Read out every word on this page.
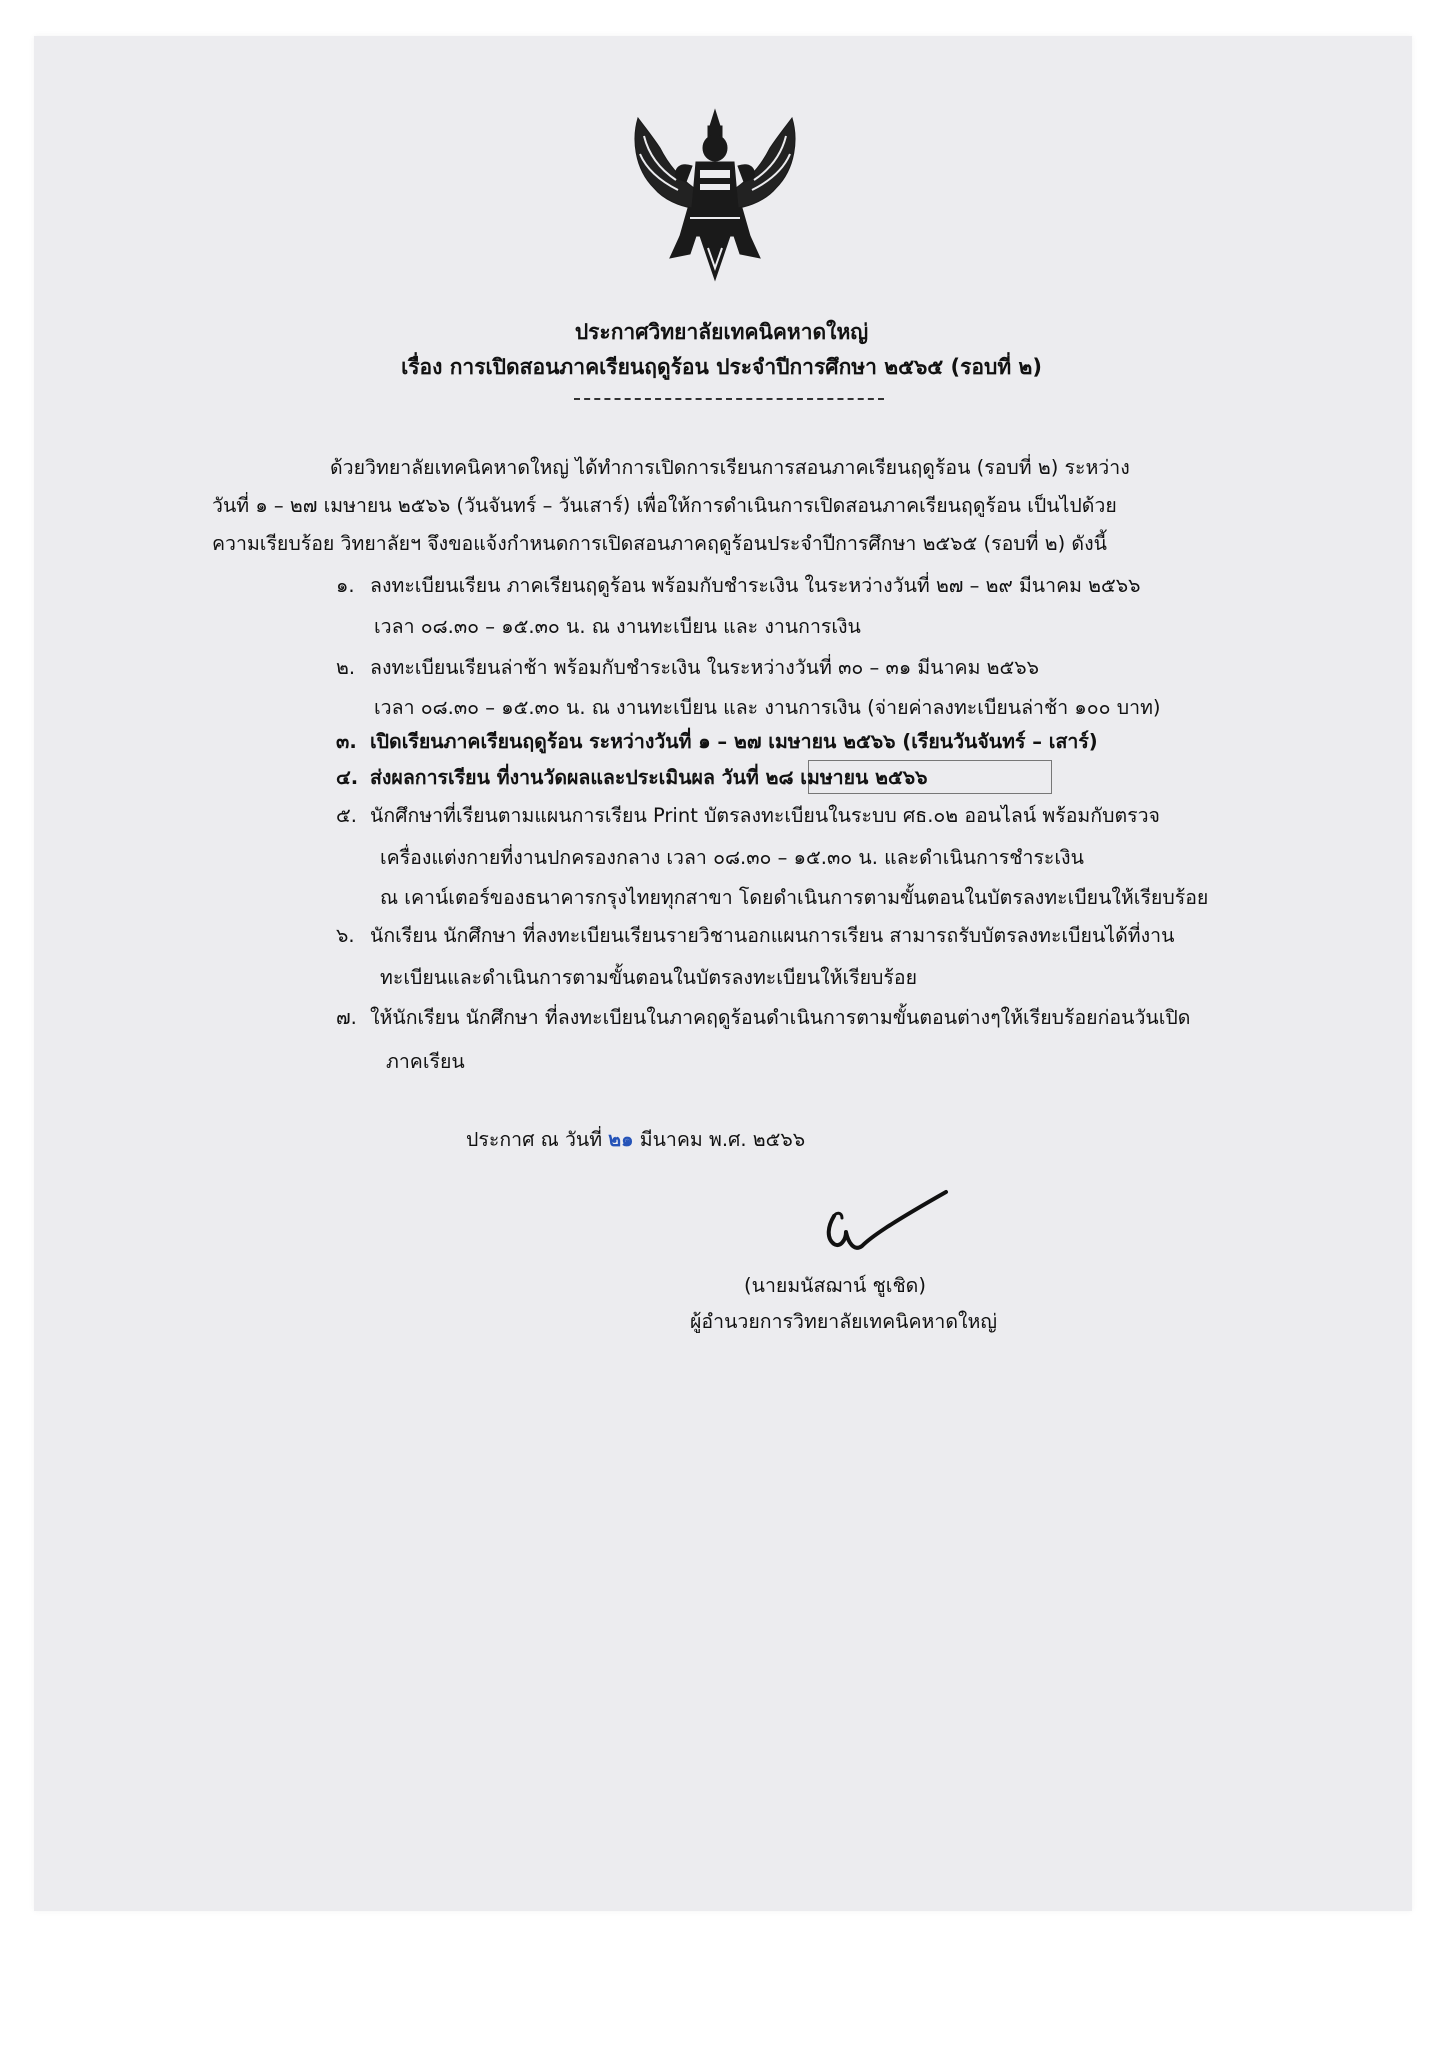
ประกาศวิทยาลัยเทคนิคหาดใหญ่
เรื่อง การเปิดสอนภาคเรียนฤดูร้อน ประจำปีการศึกษา ๒๕๖๕ (รอบที่ ๒)
ด้วยวิทยาลัยเทคนิคหาดใหญ่ ได้ทำการเปิดการเรียนการสอนภาคเรียนฤดูร้อน (รอบที่ ๒) ระหว่าง
วันที่ ๑ – ๒๗ เมษายน ๒๕๖๖ (วันจันทร์ – วันเสาร์) เพื่อให้การดำเนินการเปิดสอนภาคเรียนฤดูร้อน เป็นไปด้วย
ความเรียบร้อย วิทยาลัยฯ จึงขอแจ้งกำหนดการเปิดสอนภาคฤดูร้อนประจำปีการศึกษา ๒๕๖๕ (รอบที่ ๒) ดังนี้
๑. ลงทะเบียนเรียน ภาคเรียนฤดูร้อน พร้อมกับชำระเงิน ในระหว่างวันที่ ๒๗ – ๒๙ มีนาคม ๒๕๖๖
เวลา ๐๘.๓๐ – ๑๕.๓๐ น. ณ งานทะเบียน และ งานการเงิน
๒. ลงทะเบียนเรียนล่าช้า พร้อมกับชำระเงิน ในระหว่างวันที่ ๓๐ – ๓๑ มีนาคม ๒๕๖๖
เวลา ๐๘.๓๐ – ๑๕.๓๐ น. ณ งานทะเบียน และ งานการเงิน (จ่ายค่าลงทะเบียนล่าช้า ๑๐๐ บาท)
๓. เปิดเรียนภาคเรียนฤดูร้อน ระหว่างวันที่ ๑ – ๒๗ เมษายน ๒๕๖๖ (เรียนวันจันทร์ – เสาร์)
๔. ส่งผลการเรียน ที่งานวัดผลและประเมินผล วันที่ ๒๘ เมษายน ๒๕๖๖
๕. นักศึกษาที่เรียนตามแผนการเรียน Print บัตรลงทะเบียนในระบบ ศธ.๐๒ ออนไลน์ พร้อมกับตรวจ
เครื่องแต่งกายที่งานปกครองกลาง เวลา ๐๘.๓๐ – ๑๕.๓๐ น. และดำเนินการชำระเงิน
ณ เคาน์เตอร์ของธนาคารกรุงไทยทุกสาขา โดยดำเนินการตามขั้นตอนในบัตรลงทะเบียนให้เรียบร้อย
๖. นักเรียน นักศึกษา ที่ลงทะเบียนเรียนรายวิชานอกแผนการเรียน สามารถรับบัตรลงทะเบียนได้ที่งาน
ทะเบียนและดำเนินการตามขั้นตอนในบัตรลงทะเบียนให้เรียบร้อย
๗. ให้นักเรียน นักศึกษา ที่ลงทะเบียนในภาคฤดูร้อนดำเนินการตามขั้นตอนต่างๆให้เรียบร้อยก่อนวันเปิด
ภาคเรียน
ประกาศ ณ วันที่ ๒๑ มีนาคม พ.ศ. ๒๕๖๖
(นายมนัสฌาน์ ชูเชิด)
ผู้อำนวยการวิทยาลัยเทคนิคหาดใหญ่
